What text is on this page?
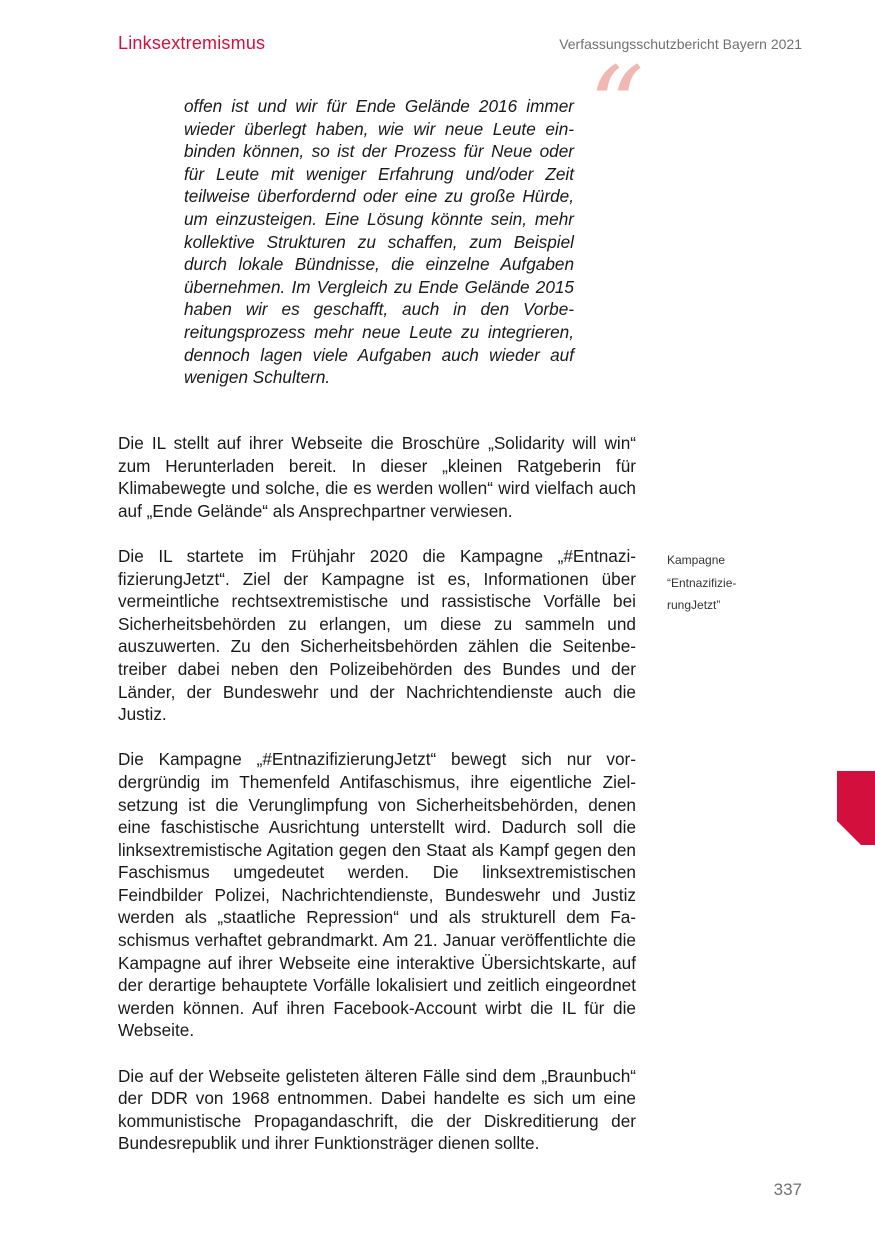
Linksextremismus	Verfassungsschutzbericht Bayern 2021
“
offen ist und wir für Ende Gelände 2016 immer wieder überlegt haben, wie wir neue Leute einbinden können, so ist der Prozess für Neue oder für Leute mit weniger Erfahrung und/oder Zeit teilweise überfordernd oder eine zu große Hürde, um einzusteigen. Eine Lösung könnte sein, mehr kollektive Strukturen zu schaffen, zum Beispiel durch lokale Bündnisse, die einzelne Aufgaben übernehmen. Im Vergleich zu Ende Gelände 2015 haben wir es geschafft, auch in den Vorbereitungsprozess mehr neue Leute zu integrieren, dennoch lagen viele Aufgaben auch wieder auf wenigen Schultern.

Die IL stellt auf ihrer Webseite die Broschüre „Solidarity will win“ zum Herunterladen bereit. In dieser „kleinen Ratgeberin für Klimabewegte und solche, die es werden wollen“ wird vielfach auch auf „Ende Gelände“ als Ansprechpartner verwiesen.

Die IL startete im Frühjahr 2020 die Kampagne „#EntnazifizierungJetzt“. Ziel der Kampagne ist es, Informationen über vermeintliche rechtsextremistische und rassistische Vorfälle bei Sicherheitsbehörden zu erlangen, um diese zu sammeln und auszuwerten. Zu den Sicherheitsbehörden zählen die Seitenbetreiber dabei neben den Polizeibehörden des Bundes und der Länder, der Bundeswehr und der Nachrichtendienste auch die Justiz.

Die Kampagne „#EntnazifizierungJetzt“ bewegt sich nur vordergründig im Themenfeld Antifaschismus, ihre eigentliche Zielsetzung ist die Verunglimpfung von Sicherheitsbehörden, denen eine faschistische Ausrichtung unterstellt wird. Dadurch soll die linksextremistische Agitation gegen den Staat als Kampf gegen den Faschismus umgedeutet werden. Die linksextremistischen Feindbilder Polizei, Nachrichtendienste, Bundeswehr und Justiz werden als „staatliche Repression“ und als strukturell dem Faschismus verhaftet gebrandmarkt. Am 21. Januar veröffentlichte die Kampagne auf ihrer Webseite eine interaktive Übersichtskarte, auf der derartige behauptete Vorfälle lokalisiert und zeitlich eingeordnet werden können. Auf ihren Facebook-Account wirbt die IL für die Webseite.

Die auf der Webseite gelisteten älteren Fälle sind dem „Braunbuch“ der DDR von 1968 entnommen. Dabei handelte es sich um eine kommunistische Propagandaschrift, die der Diskreditierung der Bundesrepublik und ihrer Funktionsträger dienen sollte.

Kampagne
“Entnazifizie-
rungJetzt”
337
